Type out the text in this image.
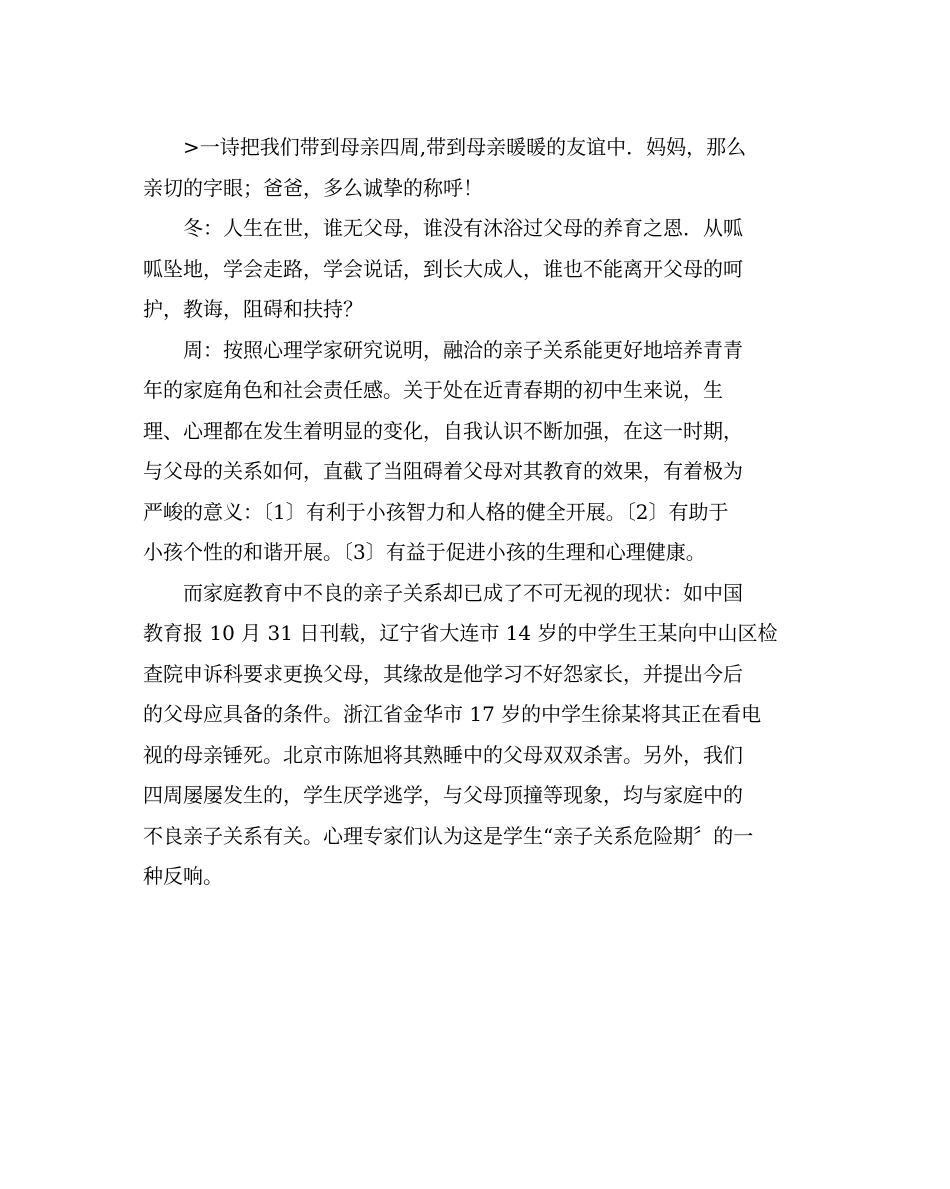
>一诗把我们带到母亲四周,带到母亲暖暖的友谊中．妈妈，那么
亲切的字眼；爸爸，多么诚挚的称呼！
冬：人生在世，谁无父母，谁没有沐浴过父母的养育之恩．从呱
呱坠地，学会走路，学会说话，到长大成人，谁也不能离开父母的呵
护，教诲，阻碍和扶持？
周：按照心理学家研究说明，融洽的亲子关系能更好地培养青青
年的家庭角色和社会责任感。关于处在近青春期的初中生来说，生
理、心理都在发生着明显的变化，自我认识不断加强，在这一时期，
与父母的关系如何，直截了当阻碍着父母对其教育的效果，有着极为
严峻的意义：〔1〕有利于小孩智力和人格的健全开展。〔2〕有助于
小孩个性的和谐开展。〔3〕有益于促进小孩的生理和心理健康。
而家庭教育中不良的亲子关系却已成了不可无视的现状：如中国
教育报 10 月 31 日刊载，辽宁省大连市 14 岁的中学生王某向中山区检
查院申诉科要求更换父母，其缘故是他学习不好怨家长，并提出今后
的父母应具备的条件。浙江省金华市 17 岁的中学生徐某将其正在看电
视的母亲锤死。北京市陈旭将其熟睡中的父母双双杀害。另外，我们
四周屡屡发生的，学生厌学逃学，与父母顶撞等现象，均与家庭中的
不良亲子关系有关。心理专家们认为这是学生“亲子关系危险期〞的一
种反响。
